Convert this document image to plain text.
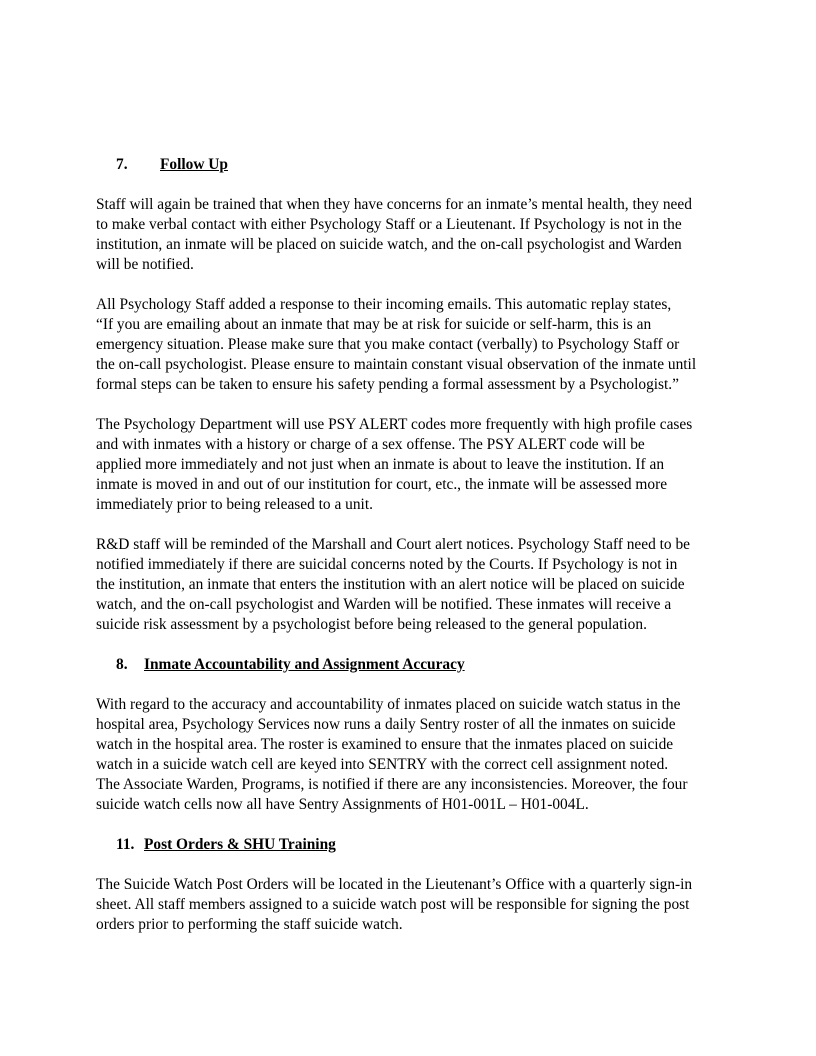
7. Follow Up
Staff will again be trained that when they have concerns for an inmate’s mental health, they need
to make verbal contact with either Psychology Staff or a Lieutenant. If Psychology is not in the
institution, an inmate will be placed on suicide watch, and the on-call psychologist and Warden
will be notified.
All Psychology Staff added a response to their incoming emails. This automatic replay states,
“If you are emailing about an inmate that may be at risk for suicide or self-harm, this is an
emergency situation. Please make sure that you make contact (verbally) to Psychology Staff or
the on-call psychologist. Please ensure to maintain constant visual observation of the inmate until
formal steps can be taken to ensure his safety pending a formal assessment by a Psychologist.”
The Psychology Department will use PSY ALERT codes more frequently with high profile cases
and with inmates with a history or charge of a sex offense. The PSY ALERT code will be
applied more immediately and not just when an inmate is about to leave the institution. If an
inmate is moved in and out of our institution for court, etc., the inmate will be assessed more
immediately prior to being released to a unit.
R&D staff will be reminded of the Marshall and Court alert notices. Psychology Staff need to be
notified immediately if there are suicidal concerns noted by the Courts. If Psychology is not in
the institution, an inmate that enters the institution with an alert notice will be placed on suicide
watch, and the on-call psychologist and Warden will be notified. These inmates will receive a
suicide risk assessment by a psychologist before being released to the general population.
8. Inmate Accountability and Assignment Accuracy
With regard to the accuracy and accountability of inmates placed on suicide watch status in the
hospital area, Psychology Services now runs a daily Sentry roster of all the inmates on suicide
watch in the hospital area. The roster is examined to ensure that the inmates placed on suicide
watch in a suicide watch cell are keyed into SENTRY with the correct cell assignment noted.
The Associate Warden, Programs, is notified if there are any inconsistencies. Moreover, the four
suicide watch cells now all have Sentry Assignments of H01-001L – H01-004L.
11. Post Orders & SHU Training
The Suicide Watch Post Orders will be located in the Lieutenant’s Office with a quarterly sign-in
sheet. All staff members assigned to a suicide watch post will be responsible for signing the post
orders prior to performing the staff suicide watch.
